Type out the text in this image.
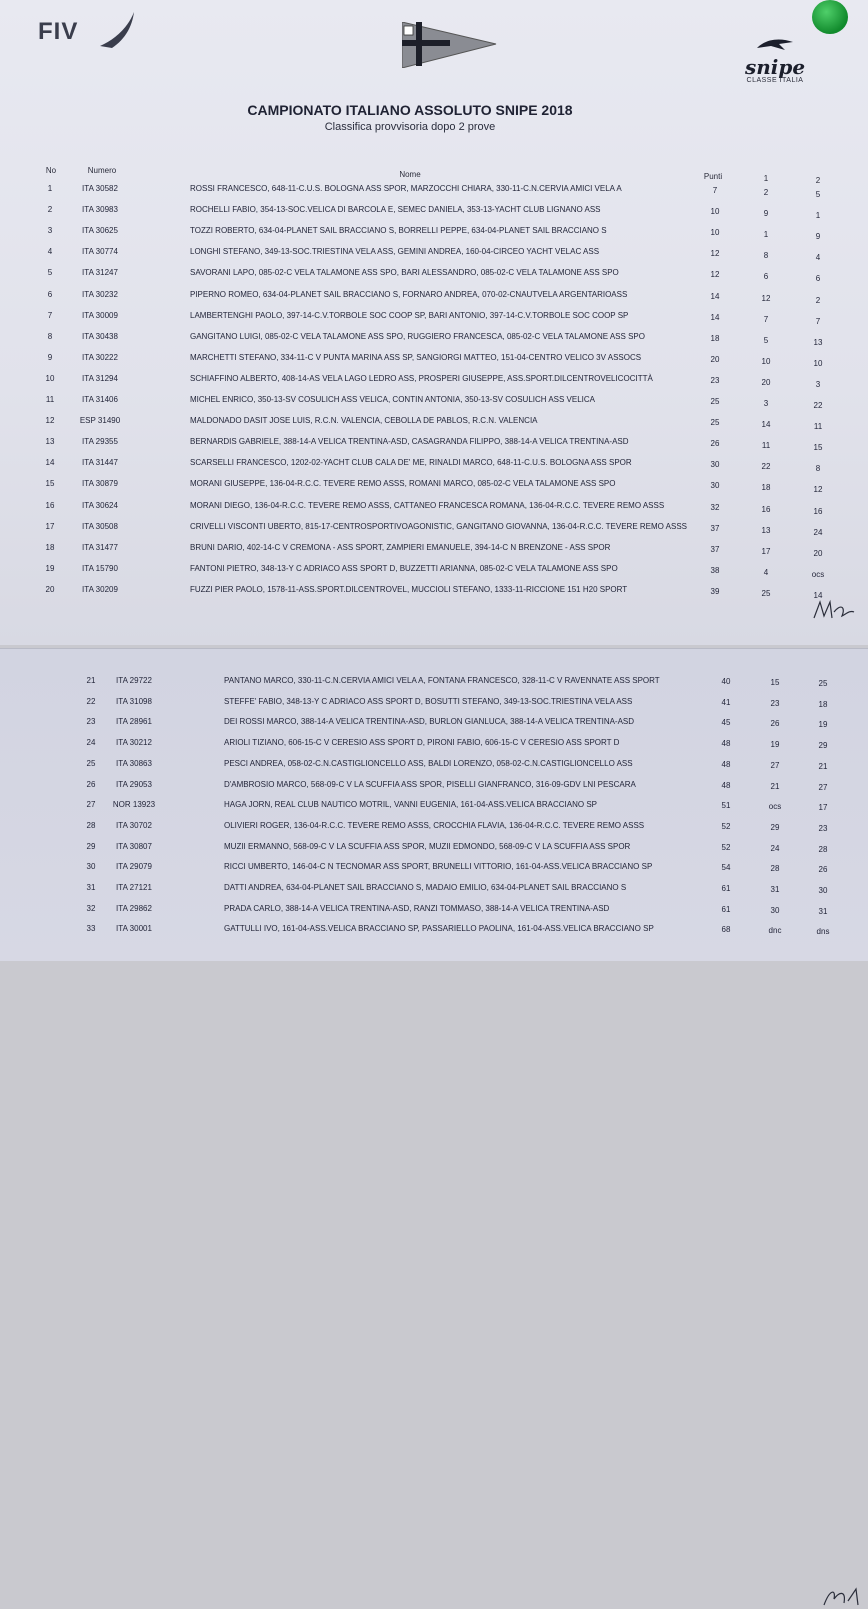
FIV
snipe
CLASSE ITALIA
CAMPIONATO ITALIANO ASSOLUTO SNIPE 2018
Classifica provvisoria dopo 2 prove
No	Numero	Nome	Punti	1	2
1	ITA 30582	ROSSI FRANCESCO, 648-11-C.U.S. BOLOGNA ASS SPOR, MARZOCCHI CHIARA, 330-11-C.N.CERVIA AMICI VELA A	7	2	5
2	ITA 30983	ROCHELLI FABIO, 354-13-SOC.VELICA DI BARCOLA E, SEMEC DANIELA, 353-13-YACHT CLUB LIGNANO ASS	10	9	1
3	ITA 30625	TOZZI ROBERTO, 634-04-PLANET SAIL BRACCIANO S, BORRELLI PEPPE, 634-04-PLANET SAIL BRACCIANO S	10	1	9
4	ITA 30774	LONGHI STEFANO, 349-13-SOC.TRIESTINA VELA ASS, GEMINI ANDREA, 160-04-CIRCEO YACHT VELAC ASS	12	8	4
5	ITA 31247	SAVORANI LAPO, 085-02-C VELA TALAMONE ASS SPO, BARI ALESSANDRO, 085-02-C VELA TALAMONE ASS SPO	12	6	6
6	ITA 30232	PIPERNO ROMEO, 634-04-PLANET SAIL BRACCIANO S, FORNARO ANDREA, 070-02-CNAUTVELA ARGENTARIOASS	14	12	2
7	ITA 30009	LAMBERTENGHI PAOLO, 397-14-C.V.TORBOLE SOC COOP SP, BARI ANTONIO, 397-14-C.V.TORBOLE SOC COOP SP	14	7	7
8	ITA 30438	GANGITANO LUIGI, 085-02-C VELA TALAMONE ASS SPO, RUGGIERO FRANCESCA, 085-02-C VELA TALAMONE ASS SPO	18	5	13
9	ITA 30222	MARCHETTI STEFANO, 334-11-C V PUNTA MARINA ASS SP, SANGIORGI MATTEO, 151-04-CENTRO VELICO 3V ASSOCS	20	10	10
10	ITA 31294	SCHIAFFINO ALBERTO, 408-14-AS VELA LAGO LEDRO ASS, PROSPERI GIUSEPPE, ASS.SPORT.DILCENTROVELICOCITTÀ	23	20	3
11	ITA 31406	MICHEL ENRICO, 350-13-SV COSULICH ASS VELICA, CONTIN ANTONIA, 350-13-SV COSULICH ASS VELICA	25	3	22
12	ESP 31490	MALDONADO DASIT JOSE LUIS, R.C.N. VALENCIA, CEBOLLA DE PABLOS, R.C.N. VALENCIA	25	14	11
13	ITA 29355	BERNARDIS GABRIELE, 388-14-A VELICA TRENTINA-ASD, CASAGRANDA FILIPPO, 388-14-A VELICA TRENTINA-ASD	26	11	15
14	ITA 31447	SCARSELLI FRANCESCO, 1202-02-YACHT CLUB CALA DE' ME, RINALDI MARCO, 648-11-C.U.S. BOLOGNA ASS SPOR	30	22	8
15	ITA 30879	MORANI GIUSEPPE, 136-04-R.C.C. TEVERE REMO ASSS, ROMANI MARCO, 085-02-C VELA TALAMONE ASS SPO	30	18	12
16	ITA 30624	MORANI DIEGO, 136-04-R.C.C. TEVERE REMO ASSS, CATTANEO FRANCESCA ROMANA, 136-04-R.C.C. TEVERE REMO ASSS	32	16	16
17	ITA 30508	CRIVELLI VISCONTI UBERTO, 815-17-CENTROSPORTIVOAGONISTIC, GANGITANO GIOVANNA, 136-04-R.C.C. TEVERE REMO ASSS	37	13	24
18	ITA 31477	BRUNI DARIO, 402-14-C V CREMONA - ASS SPORT, ZAMPIERI EMANUELE, 394-14-C N BRENZONE - ASS SPOR	37	17	20
19	ITA 15790	FANTONI PIETRO, 348-13-Y C ADRIACO ASS SPORT D, BUZZETTI ARIANNA, 085-02-C VELA TALAMONE ASS SPO	38	4	ocs
20	ITA 30209	FUZZI PIER PAOLO, 1578-11-ASS.SPORT.DILCENTROVEL, MUCCIOLI STEFANO, 1333-11-RICCIONE 151 H20 SPORT	39	25	14
21	ITA 29722	PANTANO MARCO, 330-11-C.N.CERVIA AMICI VELA A, FONTANA FRANCESCO, 328-11-C V RAVENNATE ASS SPORT	40	15	25
22	ITA 31098	STEFFE' FABIO, 348-13-Y C ADRIACO ASS SPORT D, BOSUTTI STEFANO, 349-13-SOC.TRIESTINA VELA ASS	41	23	18
23	ITA 28961	DEI ROSSI MARCO, 388-14-A VELICA TRENTINA-ASD, BURLON GIANLUCA, 388-14-A VELICA TRENTINA-ASD	45	26	19
24	ITA 30212	ARIOLI TIZIANO, 606-15-C V CERESIO ASS SPORT D, PIRONI FABIO, 606-15-C V CERESIO ASS SPORT D	48	19	29
25	ITA 30863	PESCI ANDREA, 058-02-C.N.CASTIGLIONCELLO ASS, BALDI LORENZO, 058-02-C.N.CASTIGLIONCELLO ASS	48	27	21
26	ITA 29053	D'AMBROSIO MARCO, 568-09-C V LA SCUFFIA ASS SPOR, PISELLI GIANFRANCO, 316-09-GDV LNI PESCARA	48	21	27
27	NOR 13923	HAGA JORN, REAL CLUB NAUTICO MOTRIL, VANNI EUGENIA, 161-04-ASS.VELICA BRACCIANO SP	51	ocs	17
28	ITA 30702	OLIVIERI ROGER, 136-04-R.C.C. TEVERE REMO ASSS, CROCCHIA FLAVIA, 136-04-R.C.C. TEVERE REMO ASSS	52	29	23
29	ITA 30807	MUZII ERMANNO, 568-09-C V LA SCUFFIA ASS SPOR, MUZII EDMONDO, 568-09-C V LA SCUFFIA ASS SPOR	52	24	28
30	ITA 29079	RICCI UMBERTO, 146-04-C N TECNOMAR ASS SPORT, BRUNELLI VITTORIO, 161-04-ASS.VELICA BRACCIANO SP	54	28	26
31	ITA 27121	DATTI ANDREA, 634-04-PLANET SAIL BRACCIANO S, MADAIO EMILIO, 634-04-PLANET SAIL BRACCIANO S	61	31	30
32	ITA 29862	PRADA CARLO, 388-14-A VELICA TRENTINA-ASD, RANZI TOMMASO, 388-14-A VELICA TRENTINA-ASD	61	30	31
33	ITA 30001	GATTULLI IVO, 161-04-ASS.VELICA BRACCIANO SP, PASSARIELLO PAOLINA, 161-04-ASS.VELICA BRACCIANO SP	68	dnc	dns
